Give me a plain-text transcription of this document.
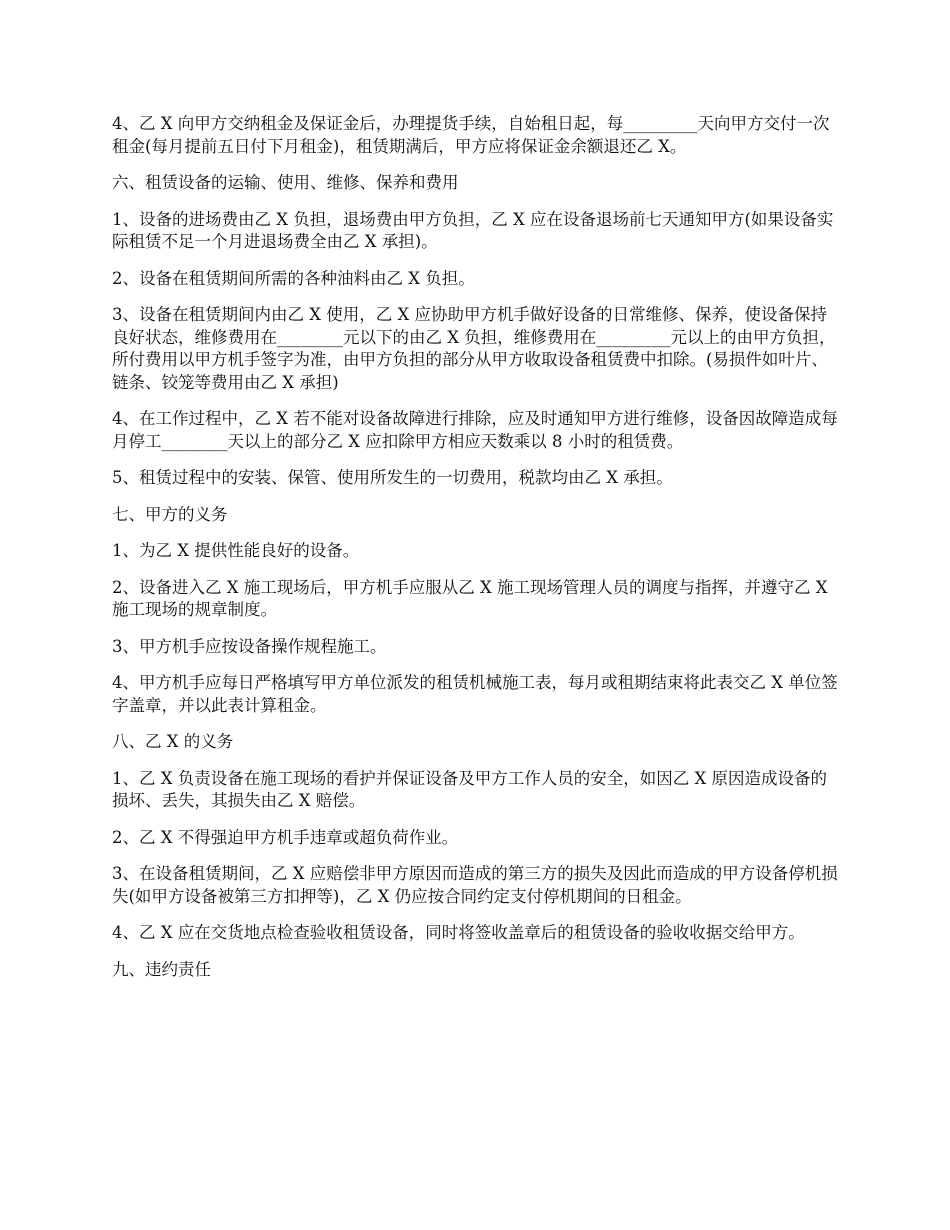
4、乙 X 向甲方交纳租金及保证金后，办理提货手续，自始租日起，每_________天向甲方交付一次租金(每月提前五日付下月租金)，租赁期满后，甲方应将保证金余额退还乙 X。

六、租赁设备的运输、使用、维修、保养和费用

1、设备的进场费由乙 X 负担，退场费由甲方负担，乙 X 应在设备退场前七天通知甲方(如果设备实际租赁不足一个月进退场费全由乙 X 承担)。

2、设备在租赁期间所需的各种油料由乙 X 负担。

3、设备在租赁期间内由乙 X 使用，乙 X 应协助甲方机手做好设备的日常维修、保养，使设备保持良好状态，维修费用在________元以下的由乙 X 负担，维修费用在_________元以上的由甲方负担，所付费用以甲方机手签字为准，由甲方负担的部分从甲方收取设备租赁费中扣除。(易损件如叶片、链条、铰笼等费用由乙 X 承担)

4、在工作过程中，乙 X 若不能对设备故障进行排除，应及时通知甲方进行维修，设备因故障造成每月停工________天以上的部分乙 X 应扣除甲方相应天数乘以 8 小时的租赁费。

5、租赁过程中的安装、保管、使用所发生的一切费用，税款均由乙 X 承担。

七、甲方的义务

1、为乙 X 提供性能良好的设备。

2、设备进入乙 X 施工现场后，甲方机手应服从乙 X 施工现场管理人员的调度与指挥，并遵守乙 X 施工现场的规章制度。

3、甲方机手应按设备操作规程施工。

4、甲方机手应每日严格填写甲方单位派发的租赁机械施工表，每月或租期结束将此表交乙 X 单位签字盖章，并以此表计算租金。

八、乙 X 的义务

1、乙 X 负责设备在施工现场的看护并保证设备及甲方工作人员的安全，如因乙 X 原因造成设备的损坏、丢失，其损失由乙 X 赔偿。

2、乙 X 不得强迫甲方机手违章或超负荷作业。

3、在设备租赁期间，乙 X 应赔偿非甲方原因而造成的第三方的损失及因此而造成的甲方设备停机损失(如甲方设备被第三方扣押等)，乙 X 仍应按合同约定支付停机期间的日租金。

4、乙 X 应在交货地点检查验收租赁设备，同时将签收盖章后的租赁设备的验收收据交给甲方。

九、违约责任
